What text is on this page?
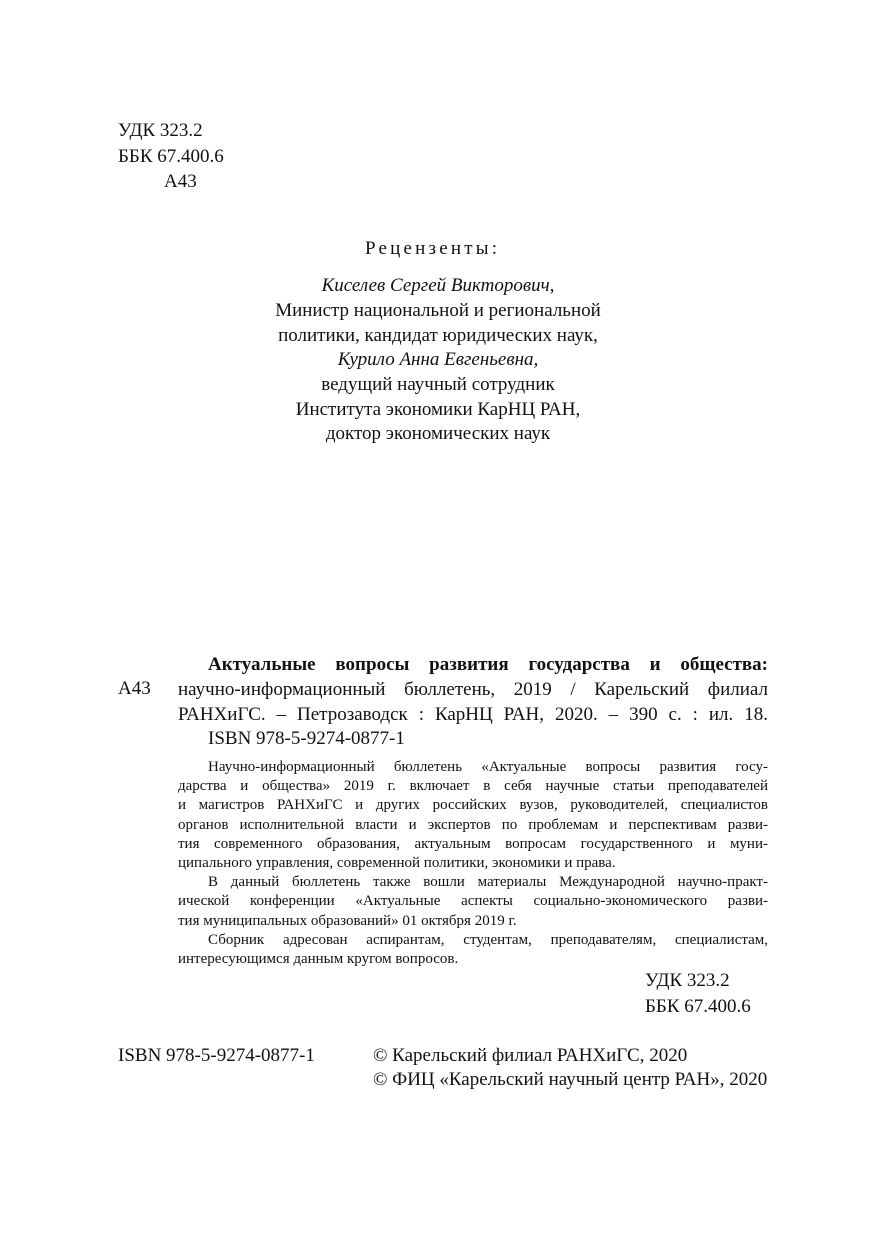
УДК 323.2
ББК 67.400.6
А43
Рецензенты:
Киселев Сергей Викторович,
Министр национальной и региональной
политики, кандидат юридических наук,
Курило Анна Евгеньевна,
ведущий научный сотрудник
Института экономики КарНЦ РАН,
доктор экономических наук
А43
Актуальные вопросы развития государства и общества:
научно-информационный бюллетень, 2019 / Карельский филиал
РАНХиГС. – Петрозаводск : КарНЦ РАН, 2020. – 390 с. : ил. 18.
ISBN 978-5-9274-0877-1
Научно-информационный бюллетень «Актуальные вопросы развития госу-
дарства и общества» 2019 г. включает в себя научные статьи преподавателей
и магистров РАНХиГС и других российских вузов, руководителей, специалистов
органов исполнительной власти и экспертов по проблемам и перспективам разви-
тия современного образования, актуальным вопросам государственного и муни-
ципального управления, современной политики, экономики и права.
В данный бюллетень также вошли материалы Международной научно-практ-
ической конференции «Актуальные аспекты социально-экономического разви-
тия муниципальных образований» 01 октября 2019 г.
Сборник адресован аспирантам, студентам, преподавателям, специалистам,
интересующимся данным кругом вопросов.
УДК 323.2
ББК 67.400.6
ISBN 978-5-9274-0877-1	© Карельский филиал РАНХиГС, 2020
© ФИЦ «Карельский научный центр РАН», 2020
